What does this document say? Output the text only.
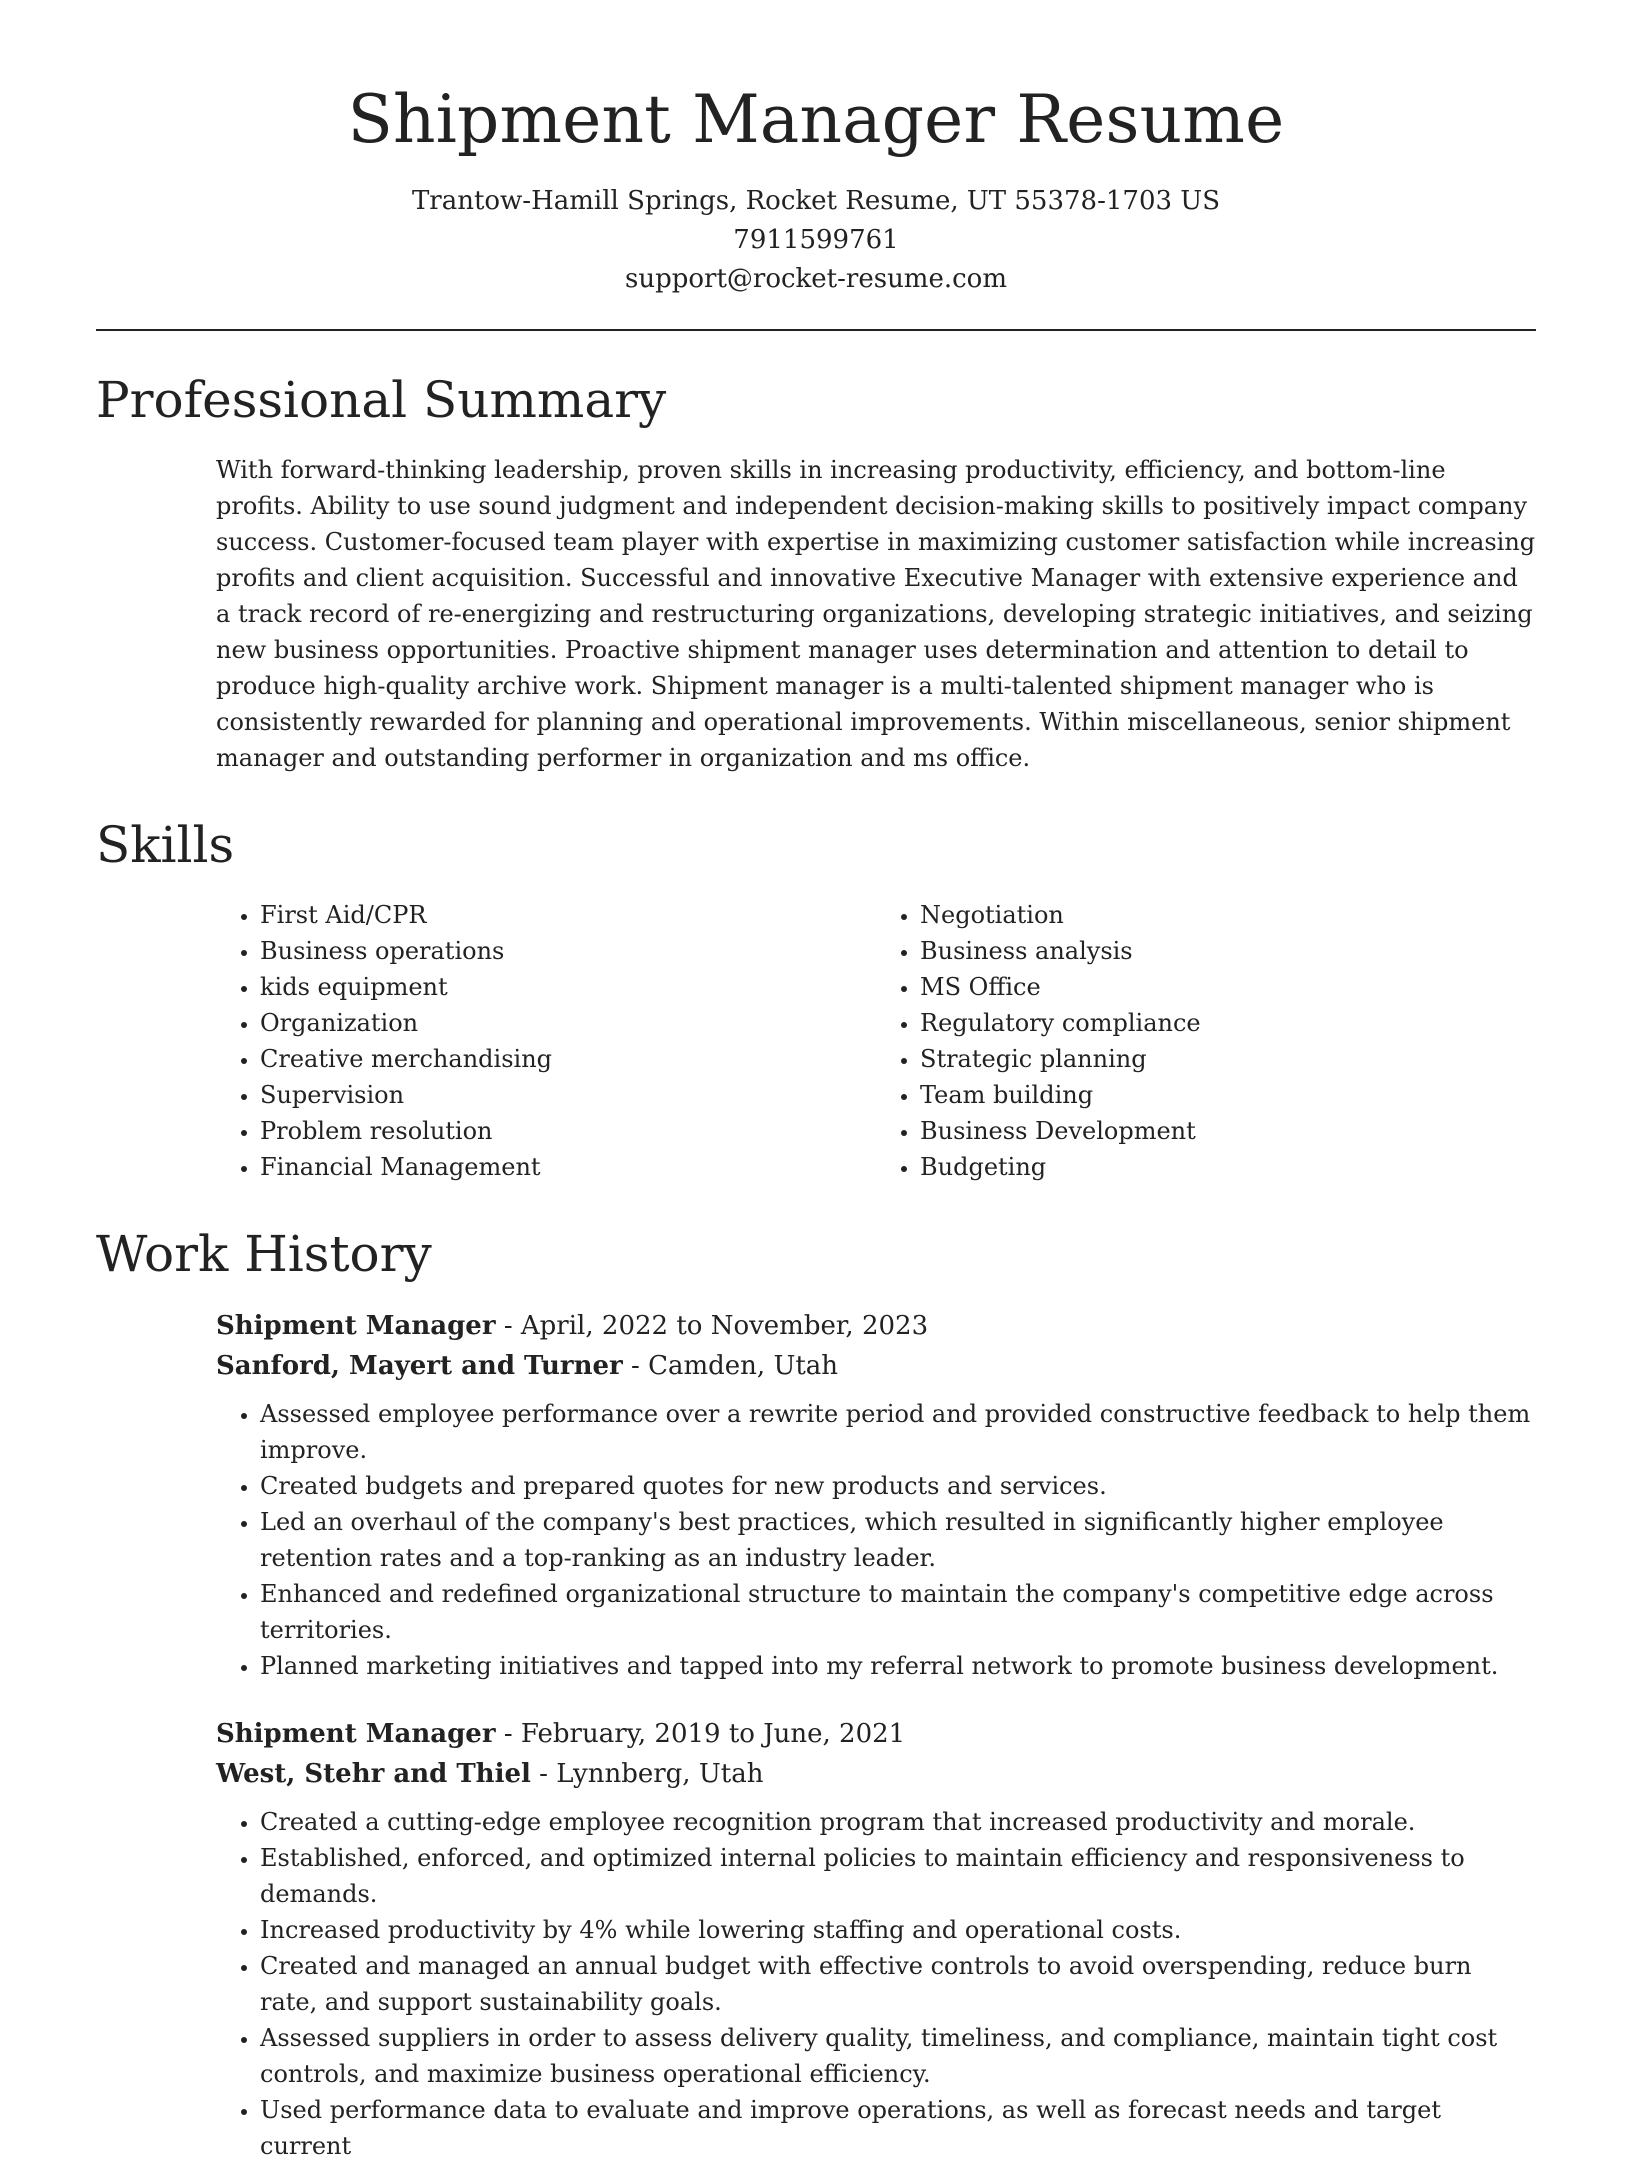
Shipment Manager Resume
Trantow-Hamill Springs, Rocket Resume, UT 55378-1703 US
7911599761
support@rocket-resume.com
Professional Summary

With forward-thinking leadership, proven skills in increasing productivity, efficiency, and bottom-line profits. Ability to use sound judgment and independent decision-making skills to positively impact company success. Customer-focused team player with expertise in maximizing customer satisfaction while increasing profits and client acquisition. Successful and innovative Executive Manager with extensive experience and a track record of re-energizing and restructuring organizations, developing strategic initiatives, and seizing new business opportunities. Proactive shipment manager uses determination and attention to detail to produce high-quality archive work. Shipment manager is a multi-talented shipment manager who is consistently rewarded for planning and operational improvements. Within miscellaneous, senior shipment manager and outstanding performer in organization and ms office.

Skills
• First Aid/CPR
• Business operations
• kids equipment
• Organization
• Creative merchandising
• Supervision
• Problem resolution
• Financial Management
• Negotiation
• Business analysis
• MS Office
• Regulatory compliance
• Strategic planning
• Team building
• Business Development
• Budgeting
Work History

Shipment Manager - April, 2022 to November, 2023

Sanford, Mayert and Turner - Camden, Utah

• Assessed employee performance over a rewrite period and provided constructive feedback to help them improve.
• Created budgets and prepared quotes for new products and services.
• Led an overhaul of the company's best practices, which resulted in significantly higher employee retention rates and a top-ranking as an industry leader.
• Enhanced and redefined organizational structure to maintain the company's competitive edge across territories.
• Planned marketing initiatives and tapped into my referral network to promote business development.

Shipment Manager - February, 2019 to June, 2021

West, Stehr and Thiel - Lynnberg, Utah

• Created a cutting-edge employee recognition program that increased productivity and morale.
• Established, enforced, and optimized internal policies to maintain efficiency and responsiveness to demands.
• Increased productivity by 4% while lowering staffing and operational costs.
• Created and managed an annual budget with effective controls to avoid overspending, reduce burn rate, and support sustainability goals.
• Assessed suppliers in order to assess delivery quality, timeliness, and compliance, maintain tight cost controls, and maximize business operational efficiency.
• Used performance data to evaluate and improve operations, as well as forecast needs and target current
